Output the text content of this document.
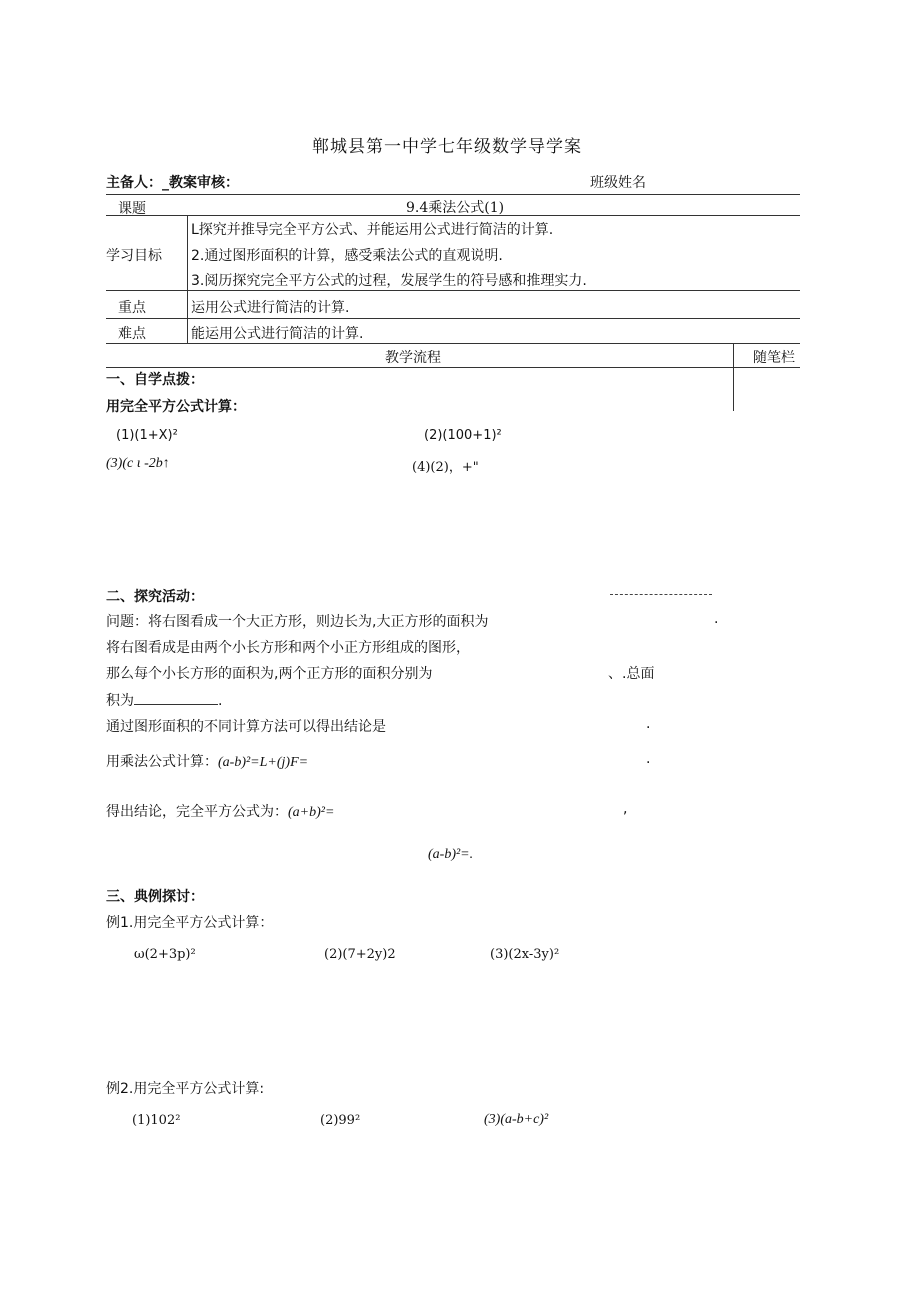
郸城县第一中学七年级数学导学案
主备人：_教案审核：	班级姓名
课题	9.4乘法公式(1)
学习目标
L探究并推导完全平方公式、并能运用公式进行简洁的计算.
2.通过图形面积的计算，感受乘法公式的直观说明.
3.阅历探究完全平方公式的过程，发展学生的符号感和推理实力.
重点	运用公式进行简洁的计算.
难点	能运用公式进行简洁的计算.
教学流程	随笔栏
一、自学点拨：
用完全平方公式计算：
(1)(1+X)²	(2)(100+1)²
(3)(c ι -2b↑	(4)(2)，+"
二、探究活动：
问题：将右图看成一个大正方形，则边长为,大正方形的面积为	.
将右图看成是由两个小长方形和两个小正方形组成的图形，
那么每个小长方形的面积为,两个正方形的面积分别为	、.总面
积为	.
通过图形面积的不同计算方法可以得出结论是	.
用乘法公式计算：(a-b)²=L+(j)F=	.
得出结论，完全平方公式为：(a+b)²=	,
(a-b)²=.
三、典例探讨：
例1.用完全平方公式计算：
ω(2+3p)²	(2)(7+2y)2	(3)(2x-3y)²
例2.用完全平方公式计算:
(1)102²	(2)99²	(3)(a-b+c)²
